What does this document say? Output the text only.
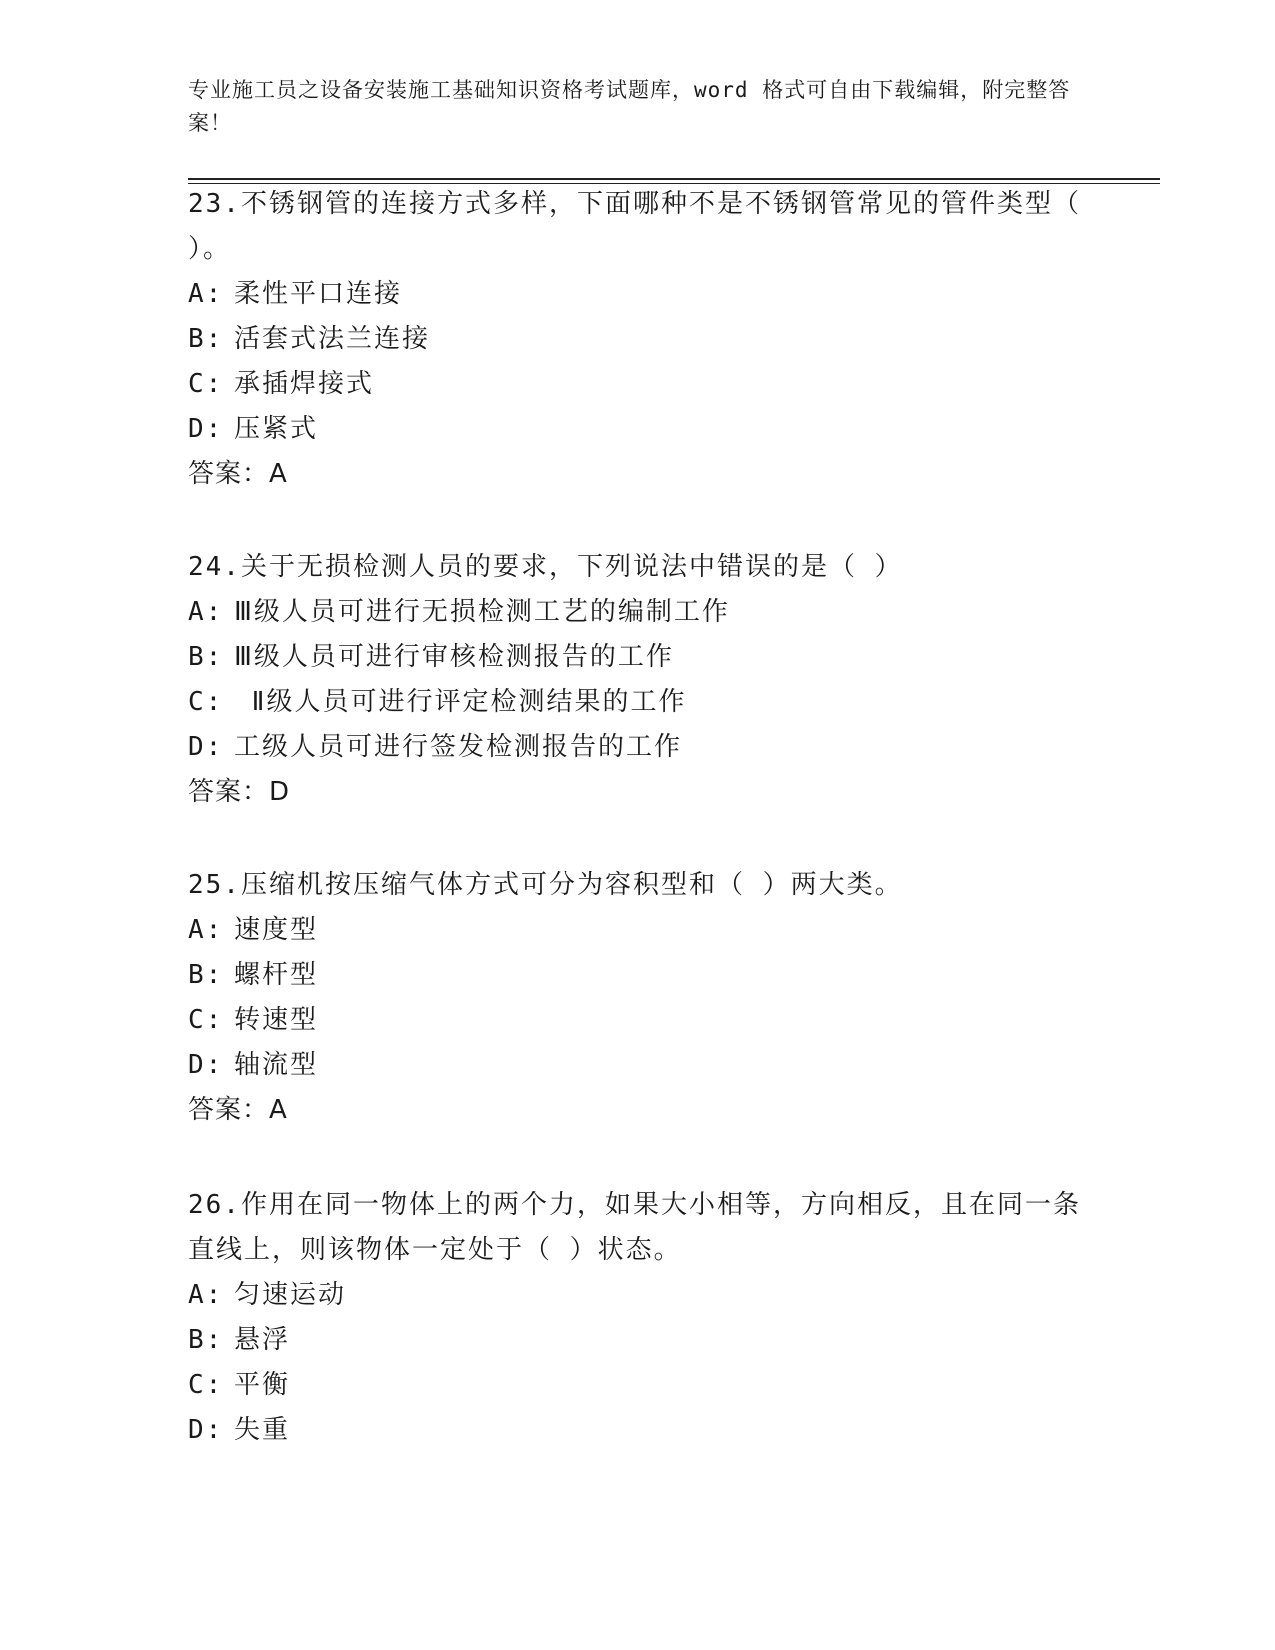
专业施工员之设备安装施工基础知识资格考试题库，word 格式可自由下载编辑，附完整答案！

23.不锈钢管的连接方式多样，下面哪种不是不锈钢管常见的管件类型（ ）。

A: 柔性平口连接

B: 活套式法兰连接

C: 承插焊接式

D: 压紧式

答案：A

24.关于无损检测人员的要求，下列说法中错误的是（ ）

A: Ⅲ级人员可进行无损检测工艺的编制工作

B: Ⅲ级人员可进行审核检测报告的工作

C: Ⅱ级人员可进行评定检测结果的工作

D: 工级人员可进行签发检测报告的工作

答案：D

25.压缩机按压缩气体方式可分为容积型和（ ）两大类。

A: 速度型

B: 螺杆型

C: 转速型

D: 轴流型

答案：A

26.作用在同一物体上的两个力，如果大小相等，方向相反，且在同一条直线上，则该物体一定处于（ ）状态。

A: 匀速运动

B: 悬浮

C: 平衡

D: 失重
